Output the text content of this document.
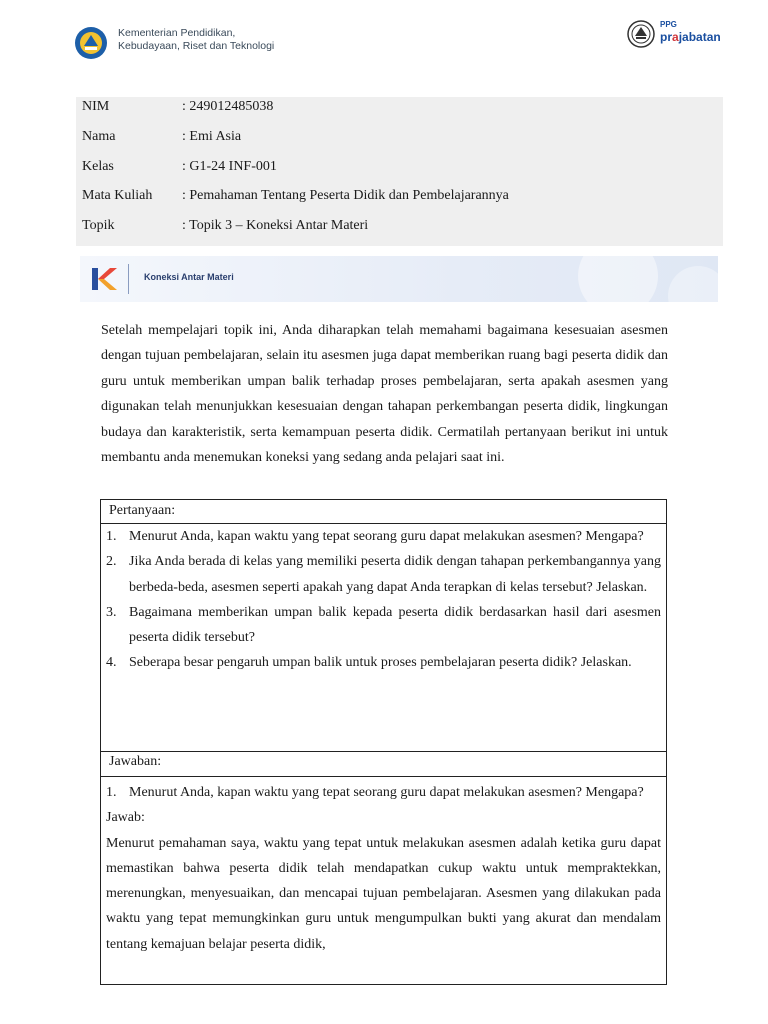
Kementerian Pendidikan,
Kebudayaan, Riset dan Teknologi
PPG
prajabatan
NIM	: 249012485038
Nama	: Emi Asia
Kelas	: G1-24 INF-001
Mata Kuliah : Pemahaman Tentang Peserta Didik dan Pembelajarannya
Topik	: Topik 3 – Koneksi Antar Materi
Koneksi Antar Materi
Setelah mempelajari topik ini, Anda diharapkan telah memahami bagaimana kesesuaian asesmen dengan tujuan pembelajaran, selain itu asesmen juga dapat memberikan ruang bagi peserta didik dan guru untuk memberikan umpan balik terhadap proses pembelajaran, serta apakah asesmen yang digunakan telah menunjukkan kesesuaian dengan tahapan perkembangan peserta didik, lingkungan budaya dan karakteristik, serta kemampuan peserta didik. Cermatilah pertanyaan berikut ini untuk membantu anda menemukan koneksi yang sedang anda pelajari saat ini.
Pertanyaan:
1. Menurut Anda, kapan waktu yang tepat seorang guru dapat melakukan asesmen? Mengapa?
2. Jika Anda berada di kelas yang memiliki peserta didik dengan tahapan perkembangannya yang berbeda-beda, asesmen seperti apakah yang dapat Anda terapkan di kelas tersebut? Jelaskan.
3. Bagaimana memberikan umpan balik kepada peserta didik berdasarkan hasil dari asesmen peserta didik tersebut?
4. Seberapa besar pengaruh umpan balik untuk proses pembelajaran peserta didik? Jelaskan.
Jawaban:
1. Menurut Anda, kapan waktu yang tepat seorang guru dapat melakukan asesmen? Mengapa?
Jawab:
Menurut pemahaman saya, waktu yang tepat untuk melakukan asesmen adalah ketika guru dapat memastikan bahwa peserta didik telah mendapatkan cukup waktu untuk mempraktekkan, merenungkan, menyesuaikan, dan mencapai tujuan pembelajaran. Asesmen yang dilakukan pada waktu yang tepat memungkinkan guru untuk mengumpulkan bukti yang akurat dan mendalam tentang kemajuan belajar peserta didik,
